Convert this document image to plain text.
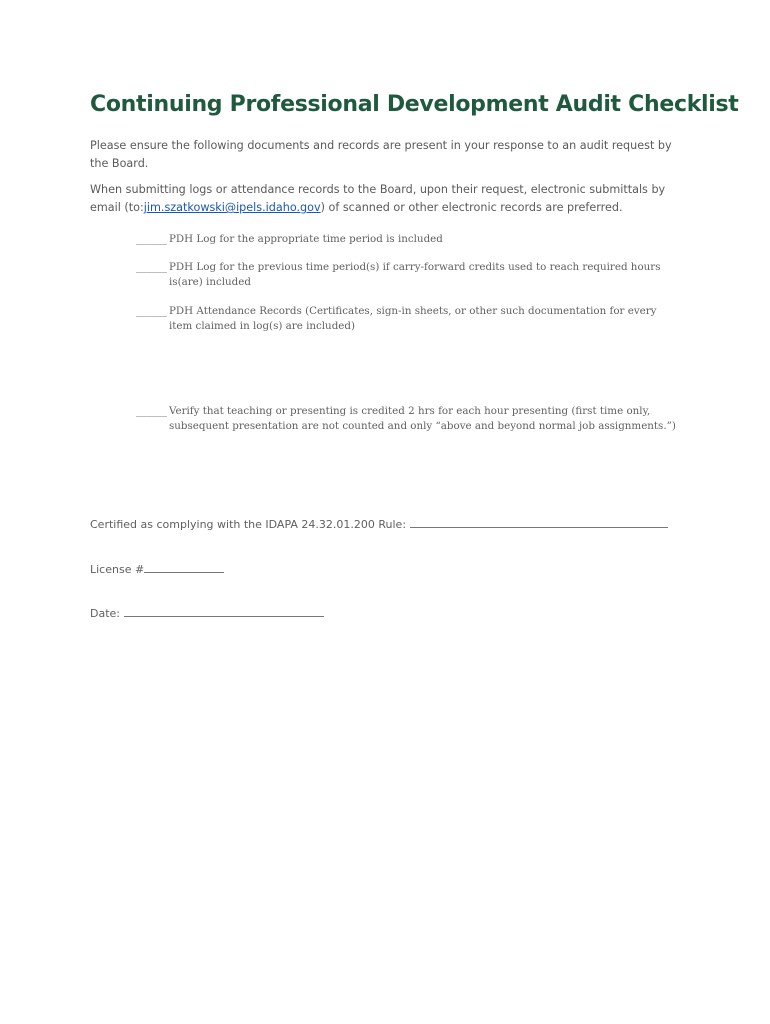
Continuing Professional Development Audit Checklist

Please ensure the following documents and records are present in your response to an audit request by the Board.

When submitting logs or attendance records to the Board, upon their request, electronic submittals by email (to:jim.szatkowski@ipels.idaho.gov) of scanned or other electronic records are preferred.

______ PDH Log for the appropriate time period is included
______ PDH Log for the previous time period(s) if carry-forward credits used to reach required hours is(are) included
______ PDH Attendance Records (Certificates, sign-in sheets, or other such documentation for every item claimed in log(s) are included)
______ Verify that teaching or presenting is credited 2 hrs for each hour presenting (first time only, subsequent presentation are not counted and only “above and beyond normal job assignments.”)
Certified as complying with the IDAPA 24.32.01.200 Rule:
License #
Date:
